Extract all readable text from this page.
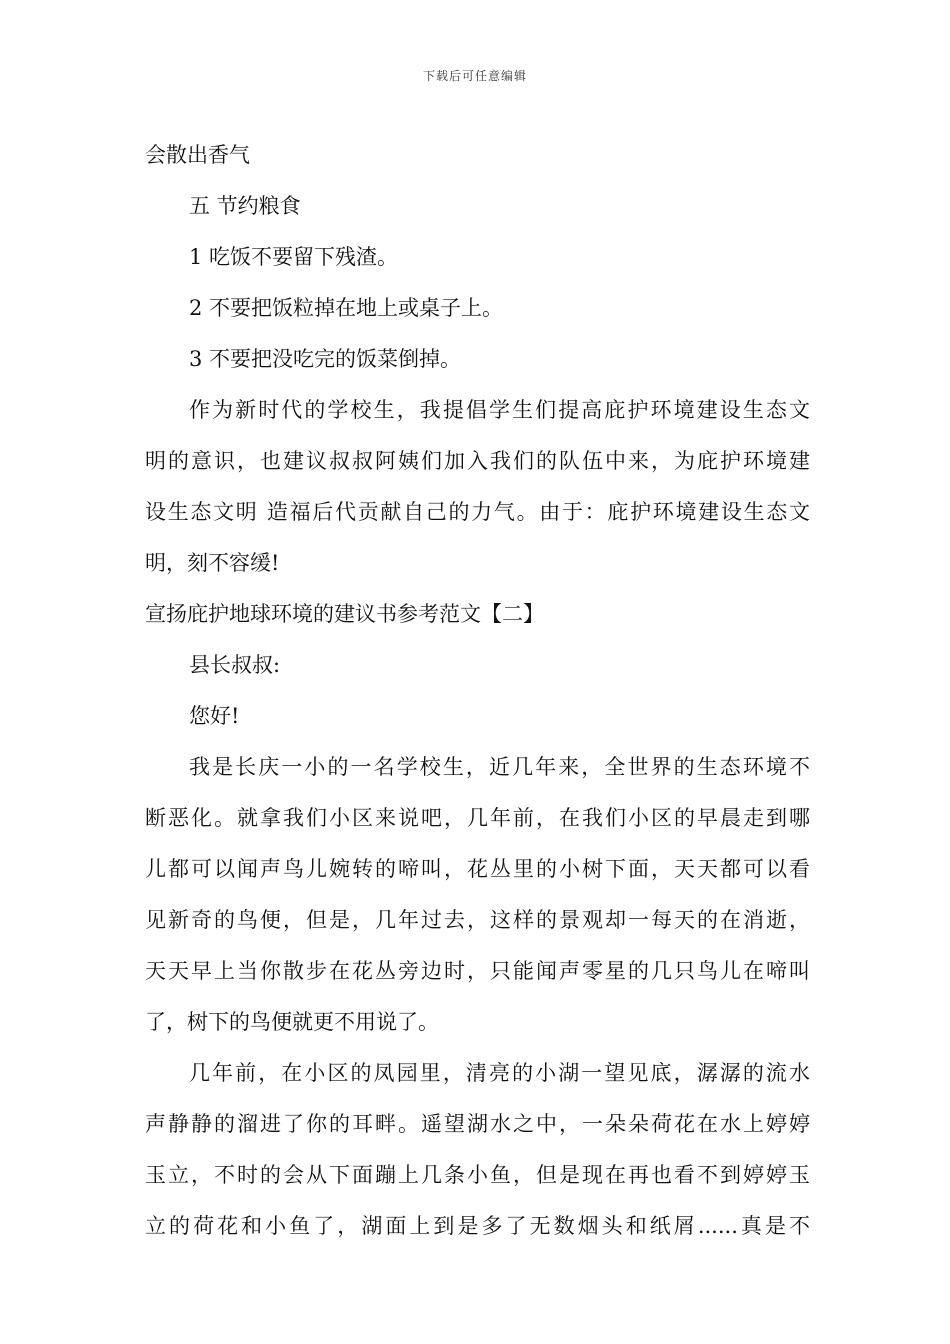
下载后可任意编辑
会散出香气
五 节约粮食
1 吃饭不要留下残渣。
2 不要把饭粒掉在地上或桌子上。
3 不要把没吃完的饭菜倒掉。
作为新时代的学校生，我提倡学生们提高庇护环境建设生态文
明的意识，也建议叔叔阿姨们加入我们的队伍中来，为庇护环境建
设生态文明 造福后代贡献自己的力气。由于：庇护环境建设生态文
明，刻不容缓!
宣扬庇护地球环境的建议书参考范文【二】
县长叔叔:
您好!
我是长庆一小的一名学校生，近几年来，全世界的生态环境不
断恶化。就拿我们小区来说吧，几年前，在我们小区的早晨走到哪
儿都可以闻声鸟儿婉转的啼叫，花丛里的小树下面，天天都可以看
见新奇的鸟便，但是，几年过去，这样的景观却一每天的在消逝，
天天早上当你散步在花丛旁边时，只能闻声零星的几只鸟儿在啼叫
了，树下的鸟便就更不用说了。
几年前，在小区的凤园里，清亮的小湖一望见底，潺潺的流水
声静静的溜进了你的耳畔。遥望湖水之中，一朵朵荷花在水上婷婷
玉立，不时的会从下面蹦上几条小鱼，但是现在再也看不到婷婷玉
立的荷花和小鱼了，湖面上到是多了无数烟头和纸屑......真是不
